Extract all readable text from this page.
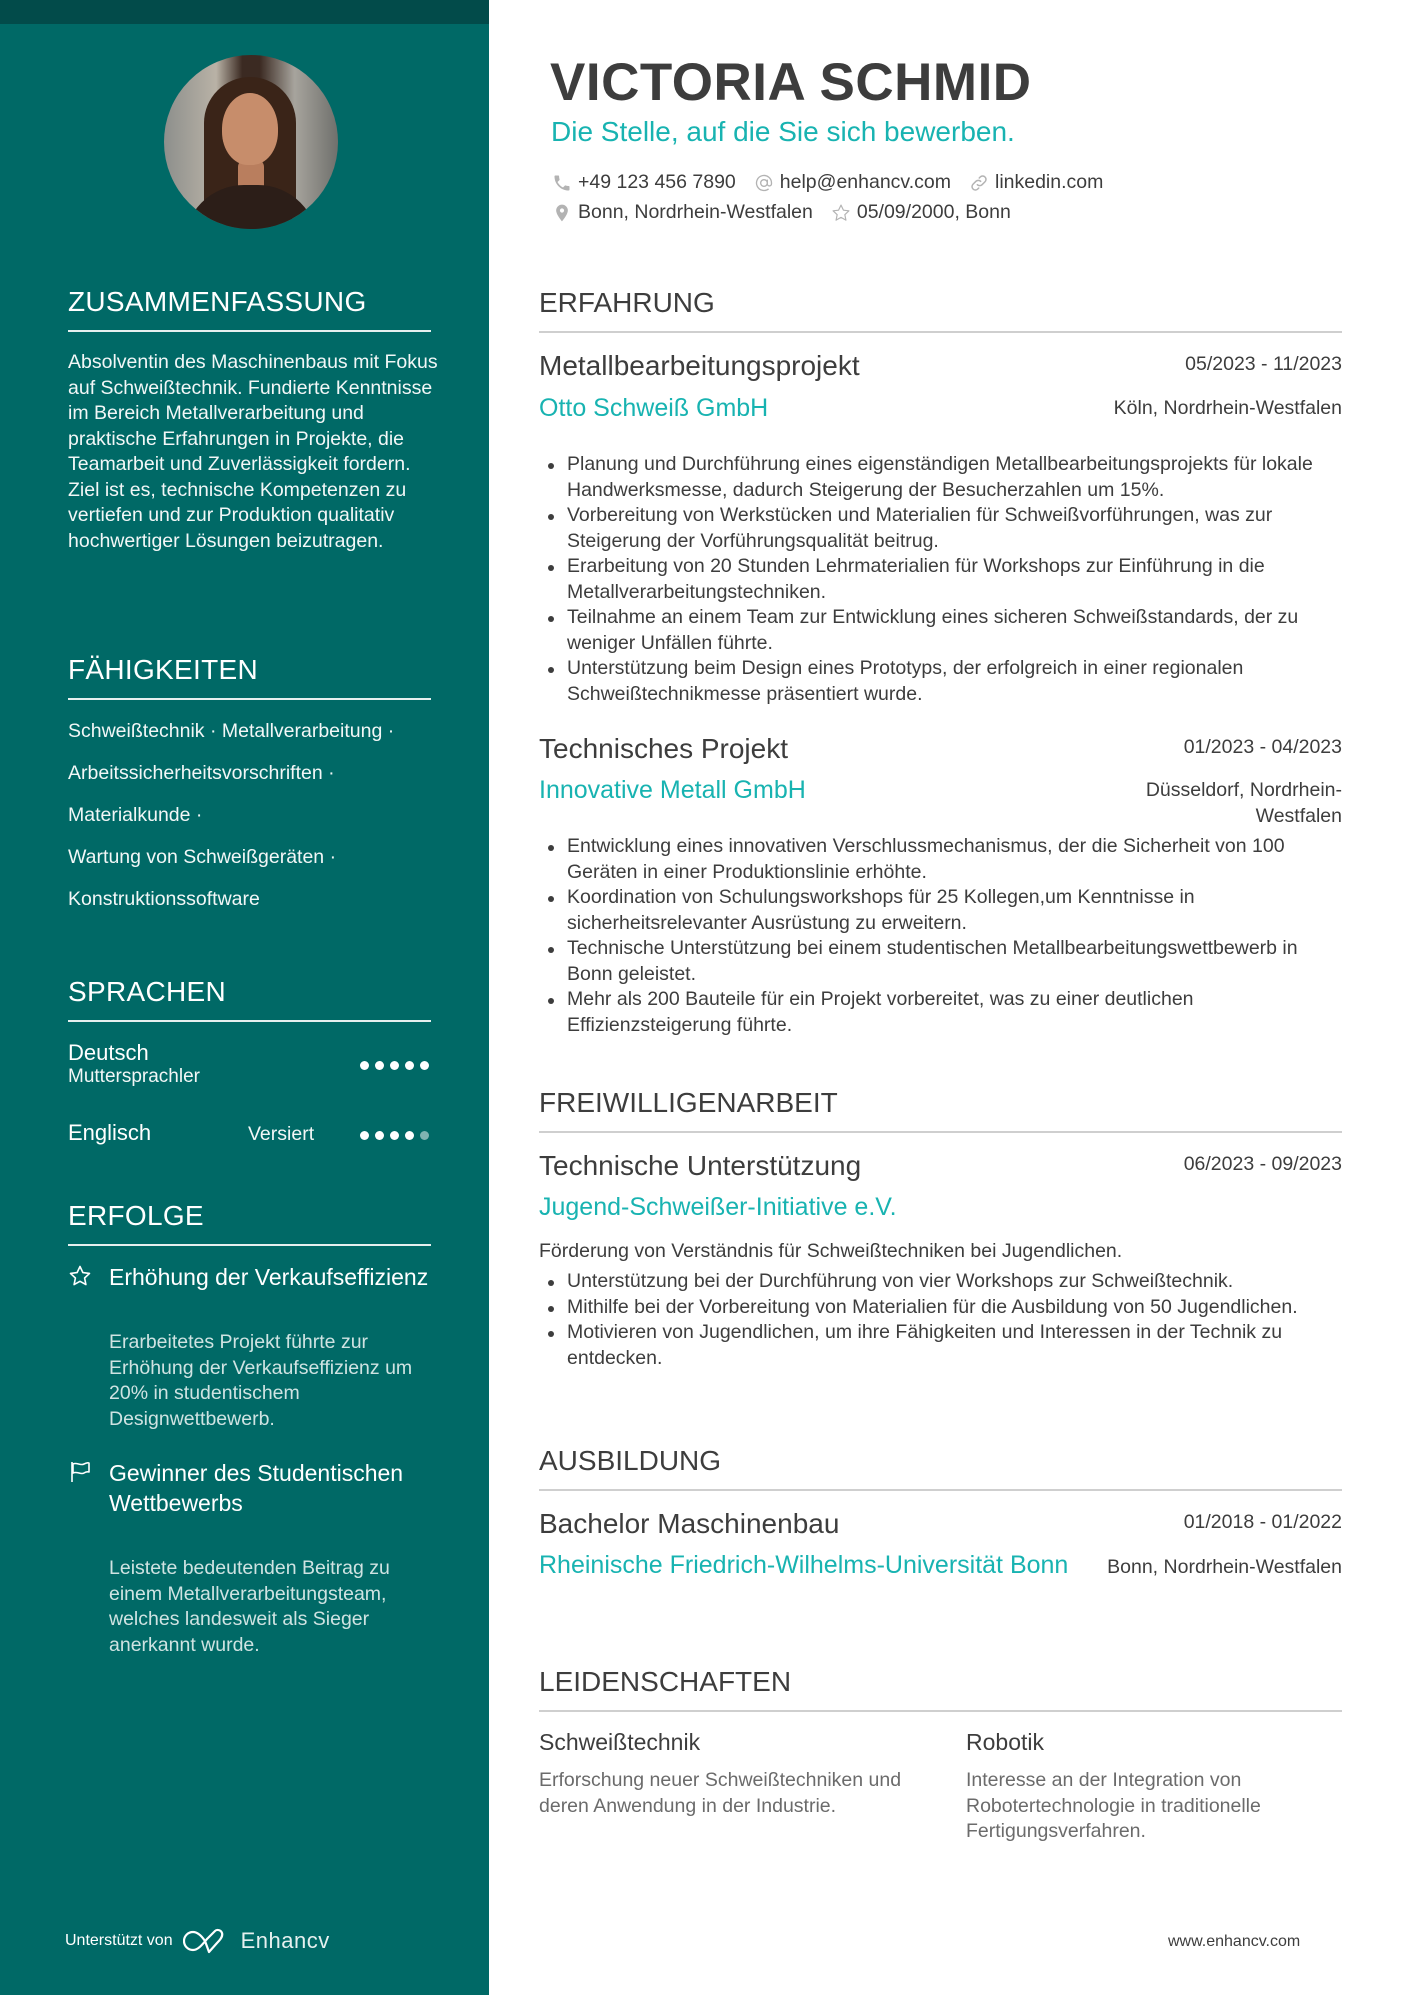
ZUSAMMENFASSUNG
Absolventin des Maschinenbaus mit Fokus auf Schweißtechnik. Fundierte Kenntnisse im Bereich Metallverarbeitung und praktische Erfahrungen in Projekte, die Teamarbeit und Zuverlässigkeit fordern. Ziel ist es, technische Kompetenzen zu vertiefen und zur Produktion qualitativ hochwertiger Lösungen beizutragen.
FÄHIGKEITEN
Schweißtechnik · Metallverarbeitung ·
Arbeitssicherheitsvorschriften ·
Materialkunde ·
Wartung von Schweißgeräten ·
Konstruktionssoftware
SPRACHEN
Deutsch
Muttersprachler
Englisch	Versiert
ERFOLGE
Erhöhung der Verkaufseffizienz
Erarbeitetes Projekt führte zur Erhöhung der Verkaufseffizienz um 20% in studentischem Designwettbewerb.
Gewinner des Studentischen Wettbewerbs
Leistete bedeutenden Beitrag zu einem Metallverarbeitungsteam, welches landesweit als Sieger anerkannt wurde.
Unterstützt von	Enhancv
VICTORIA SCHMID
Die Stelle, auf die Sie sich bewerben.
+49 123 456 7890 help@enhancv.com linkedin.com
Bonn, Nordrhein-Westfalen 05/09/2000, Bonn
ERFAHRUNG
Metallbearbeitungsprojekt	05/2023 - 11/2023
Otto Schweiß GmbH	Köln, Nordrhein-Westfalen
Planung und Durchführung eines eigenständigen Metallbearbeitungsprojekts für lokale Handwerksmesse, dadurch Steigerung der Besucherzahlen um 15%.
Vorbereitung von Werkstücken und Materialien für Schweißvorführungen, was zur Steigerung der Vorführungsqualität beitrug.
Erarbeitung von 20 Stunden Lehrmaterialien für Workshops zur Einführung in die Metallverarbeitungstechniken.
Teilnahme an einem Team zur Entwicklung eines sicheren Schweißstandards, der zu weniger Unfällen führte.
Unterstützung beim Design eines Prototyps, der erfolgreich in einer regionalen Schweißtechnikmesse präsentiert wurde.
Technisches Projekt	01/2023 - 04/2023
Innovative Metall GmbH	Düsseldorf, Nordrhein-Westfalen
Entwicklung eines innovativen Verschlussmechanismus, der die Sicherheit von 100 Geräten in einer Produktionslinie erhöhte.
Koordination von Schulungsworkshops für 25 Kollegen,um Kenntnisse in sicherheitsrelevanter Ausrüstung zu erweitern.
Technische Unterstützung bei einem studentischen Metallbearbeitungswettbewerb in Bonn geleistet.
Mehr als 200 Bauteile für ein Projekt vorbereitet, was zu einer deutlichen Effizienzsteigerung führte.
FREIWILLIGENARBEIT
Technische Unterstützung	06/2023 - 09/2023
Jugend-Schweißer-Initiative e.V.
Förderung von Verständnis für Schweißtechniken bei Jugendlichen.
Unterstützung bei der Durchführung von vier Workshops zur Schweißtechnik.
Mithilfe bei der Vorbereitung von Materialien für die Ausbildung von 50 Jugendlichen.
Motivieren von Jugendlichen, um ihre Fähigkeiten und Interessen in der Technik zu entdecken.
AUSBILDUNG
Bachelor Maschinenbau	01/2018 - 01/2022
Rheinische Friedrich-Wilhelms-Universität Bonn	Bonn, Nordrhein-Westfalen
LEIDENSCHAFTEN
Schweißtechnik
Erforschung neuer Schweißtechniken und deren Anwendung in der Industrie.
Robotik
Interesse an der Integration von Robotertechnologie in traditionelle Fertigungsverfahren.
www.enhancv.com
